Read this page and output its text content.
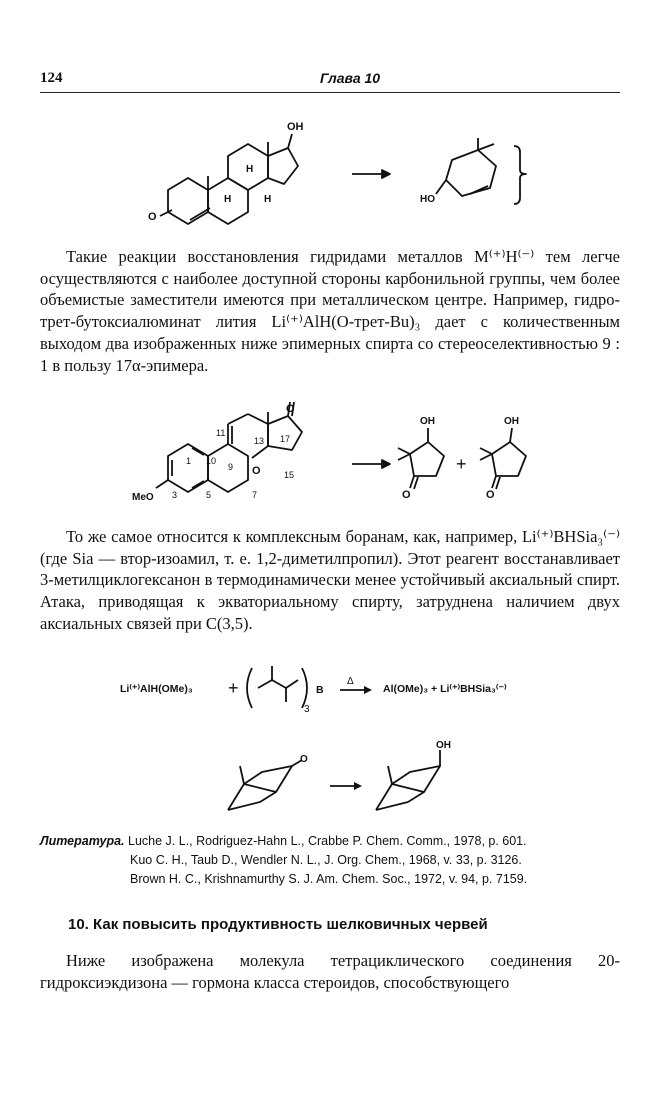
124	Глава 10
OH
H
H	H
O
HO
Такие реакции восстановления гидридами металлов M⁽⁺⁾H⁽⁻⁾ тем легче осуществляются с наиболее доступной стороны карбонильной группы, чем более объемистые заместители имеются при металлическом центре. Например, гидро-трет-бутоксиалюминат лития Li⁽⁺⁾AlH(O-трет-Bu)₃ дает с количественным выходом два изображенных ниже эпимерных спирта со стереоселективностью 9 : 1 в пользу 17α-эпимера.
O
11
13 17
1 10
9 O	15
7
3	5
MeO
OH	OH
O	O
+
То же самое относится к комплексным боранам, как, например, Li⁽⁺⁾BHSia₃⁽⁻⁾ (где Sia — втор-изоамил, т. е. 1,2-диметилпропил). Этот реагент восстанавливает 3-метилциклогексанон в термодинамически менее устойчивый аксиальный спирт. Атака, приводящая к экваториальному спирту, затруднена наличием двух аксиальных связей при С(3,5).
Li⁽⁺⁾AlH(OMe)₃ +
3
B
Δ
Al(OMe)₃ + Li⁽⁺⁾BHSia₃⁽⁻⁾
O
OH
Литература. Luche J. L., Rodriguez-Hahn L., Crabbe P. Chem. Comm., 1978, p. 601.
Kuo C. H., Taub D., Wendler N. L., J. Org. Chem., 1968, v. 33, p. 3126.
Brown H. C., Krishnamurthy S. J. Am. Chem. Soc., 1972, v. 94, p. 7159.
10. Как повысить продуктивность шелковичных червей
Ниже изображена молекула тетрациклического соединения 20-гидроксиэкдизона — гормона класса стероидов, способствующего
